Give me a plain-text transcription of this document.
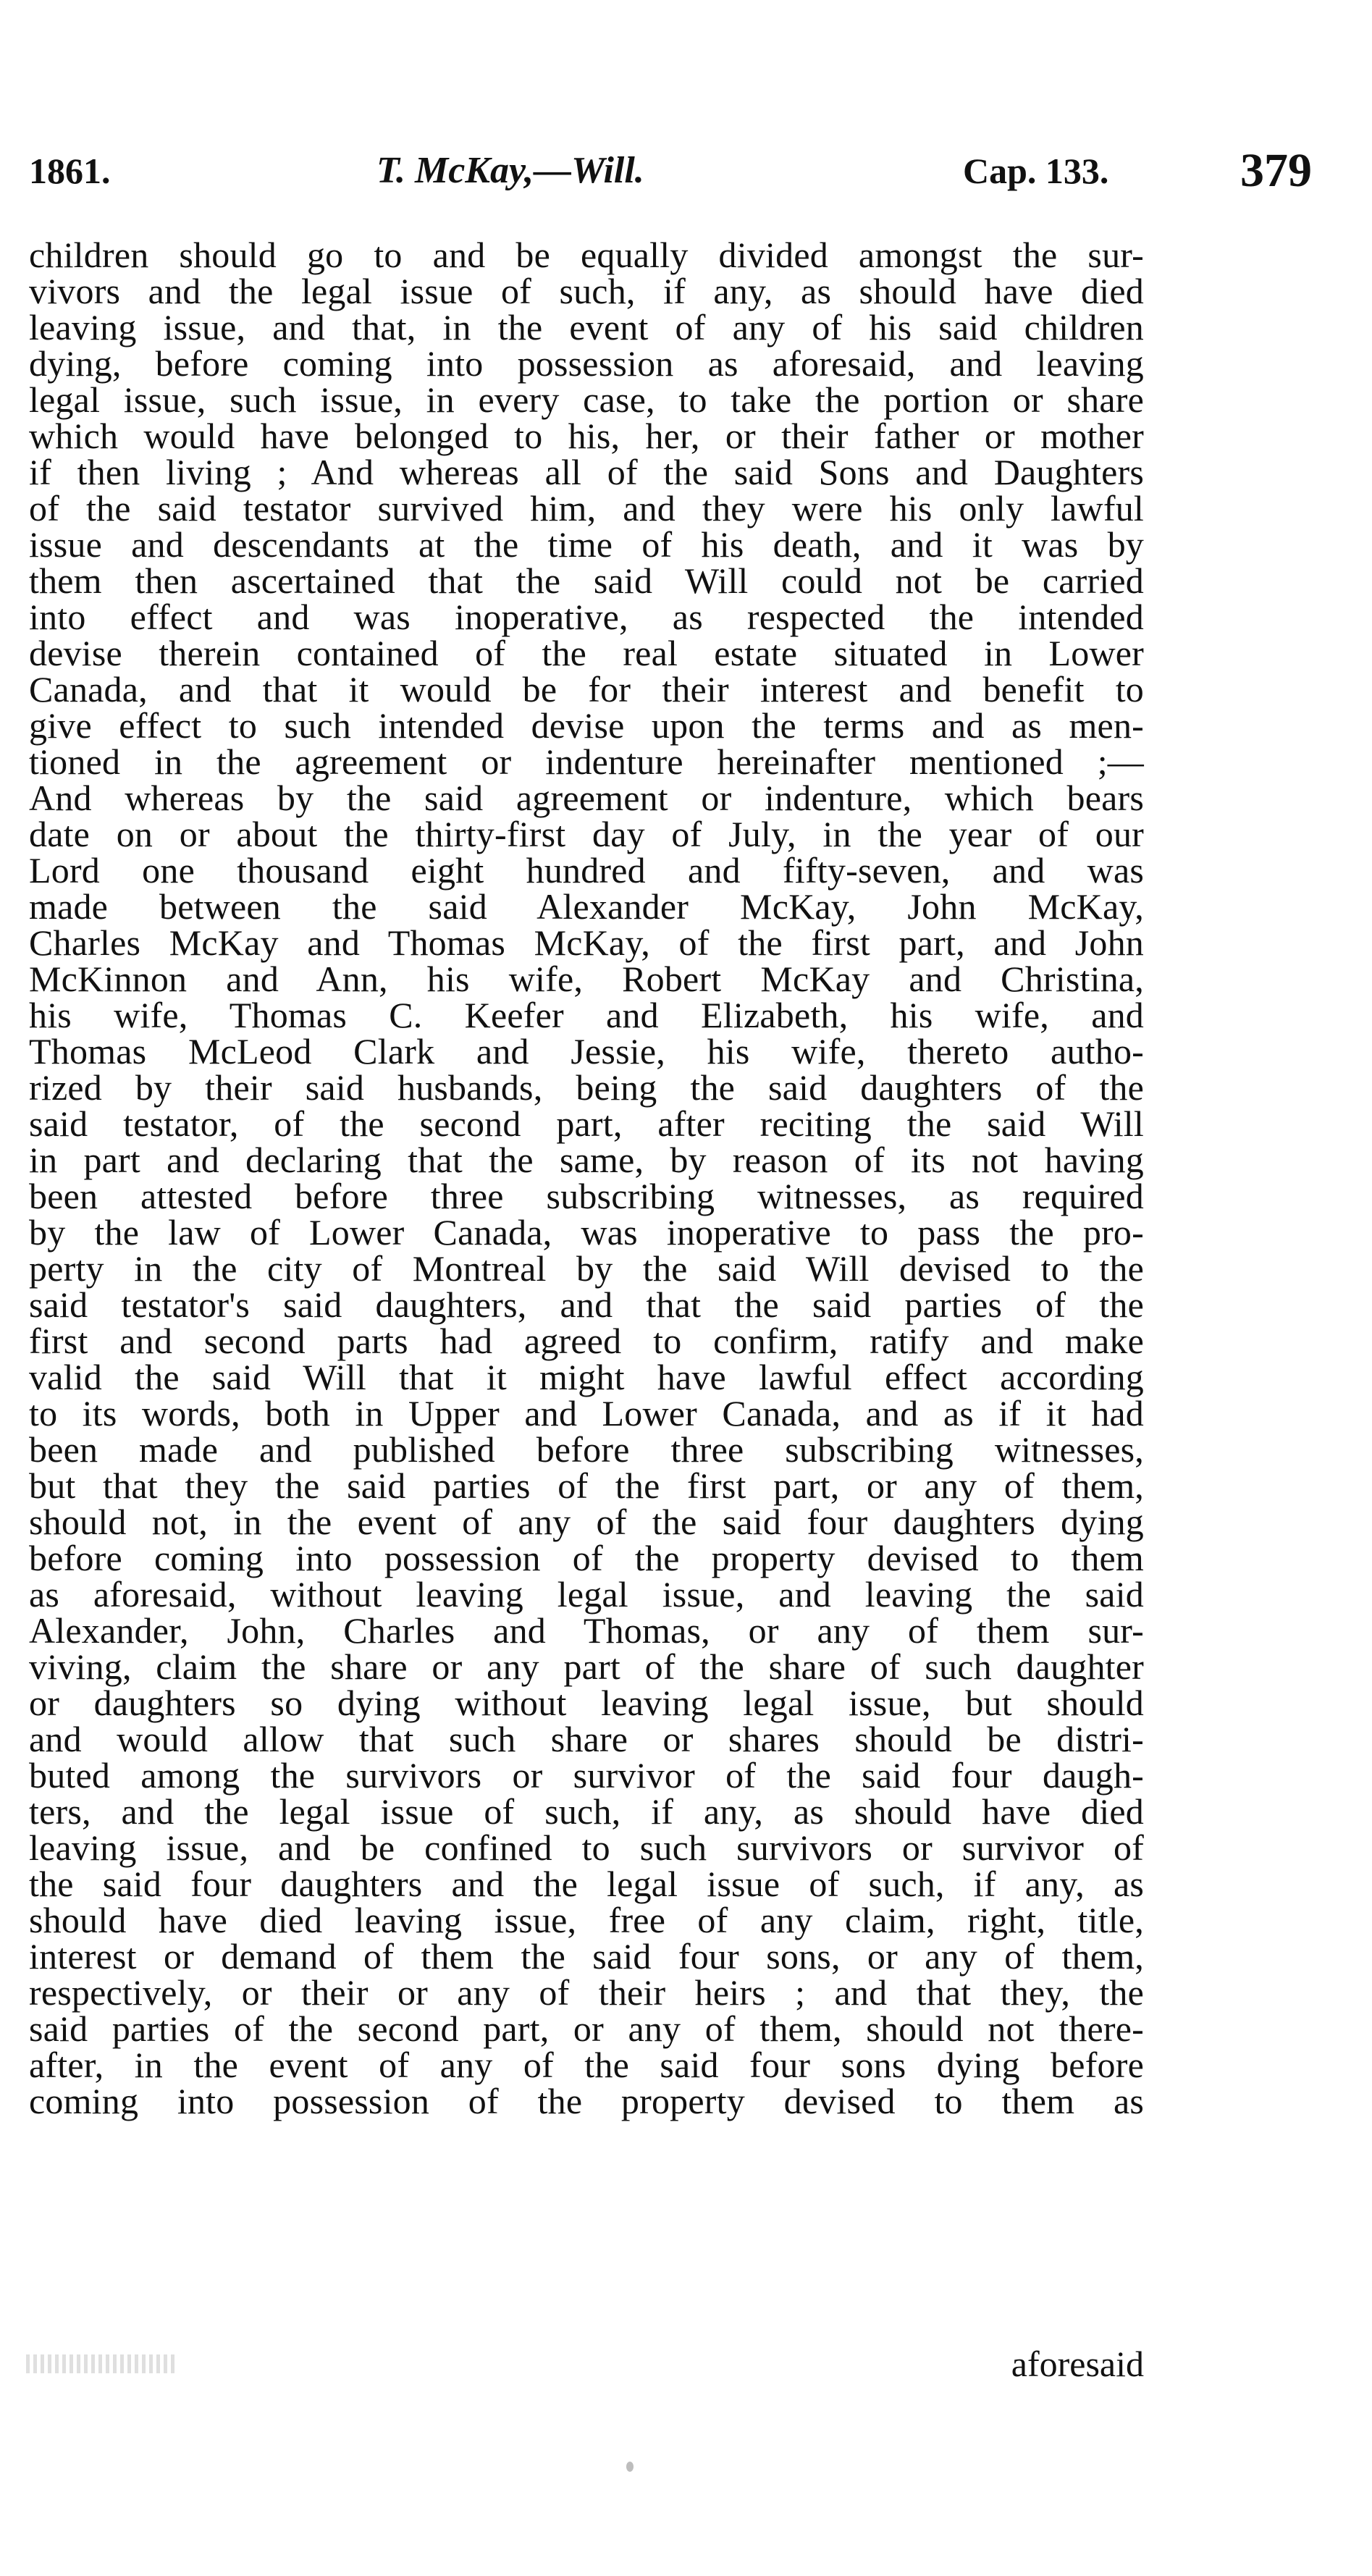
1861.	T. McKay,—Will.	Cap. 133.	379
children should go to and be equally divided amongst the sur-
vivors and the legal issue of such, if any, as should have died
leaving issue, and that, in the event of any of his said children
dying, before coming into possession as aforesaid, and leaving
legal issue, such issue, in every case, to take the portion or share
which would have belonged to his, her, or their father or mother
if then living ; And whereas all of the said Sons and Daughters
of the said testator survived him, and they were his only lawful
issue and descendants at the time of his death, and it was by
them then ascertained that the said Will could not be carried
into effect and was inoperative, as respected the intended
devise therein contained of the real estate situated in Lower
Canada, and that it would be for their interest and benefit to
give effect to such intended devise upon the terms and as men-
tioned in the agreement or indenture hereinafter mentioned ;—
And whereas by the said agreement or indenture, which bears
date on or about the thirty-first day of July, in the year of our
Lord one thousand eight hundred and fifty-seven, and was
made between the said Alexander McKay, John McKay,
Charles McKay and Thomas McKay, of the first part, and John
McKinnon and Ann, his wife, Robert McKay and Christina,
his wife, Thomas C. Keefer and Elizabeth, his wife, and
Thomas McLeod Clark and Jessie, his wife, thereto autho-
rized by their said husbands, being the said daughters of the
said testator, of the second part, after reciting the said Will
in part and declaring that the same, by reason of its not having
been attested before three subscribing witnesses, as required
by the law of Lower Canada, was inoperative to pass the pro-
perty in the city of Montreal by the said Will devised to the
said testator's said daughters, and that the said parties of the
first and second parts had agreed to confirm, ratify and make
valid the said Will that it might have lawful effect according
to its words, both in Upper and Lower Canada, and as if it had
been made and published before three subscribing witnesses,
but that they the said parties of the first part, or any of them,
should not, in the event of any of the said four daughters dying
before coming into possession of the property devised to them
as aforesaid, without leaving legal issue, and leaving the said
Alexander, John, Charles and Thomas, or any of them sur-
viving, claim the share or any part of the share of such daughter
or daughters so dying without leaving legal issue, but should
and would allow that such share or shares should be distri-
buted among the survivors or survivor of the said four daugh-
ters, and the legal issue of such, if any, as should have died
leaving issue, and be confined to such survivors or survivor of
the said four daughters and the legal issue of such, if any, as
should have died leaving issue, free of any claim, right, title,
interest or demand of them the said four sons, or any of them,
respectively, or their or any of their heirs ; and that they, the
said parties of the second part, or any of them, should not there-
after, in the event of any of the said four sons dying before
coming into possession of the property devised to them as
aforesaid
